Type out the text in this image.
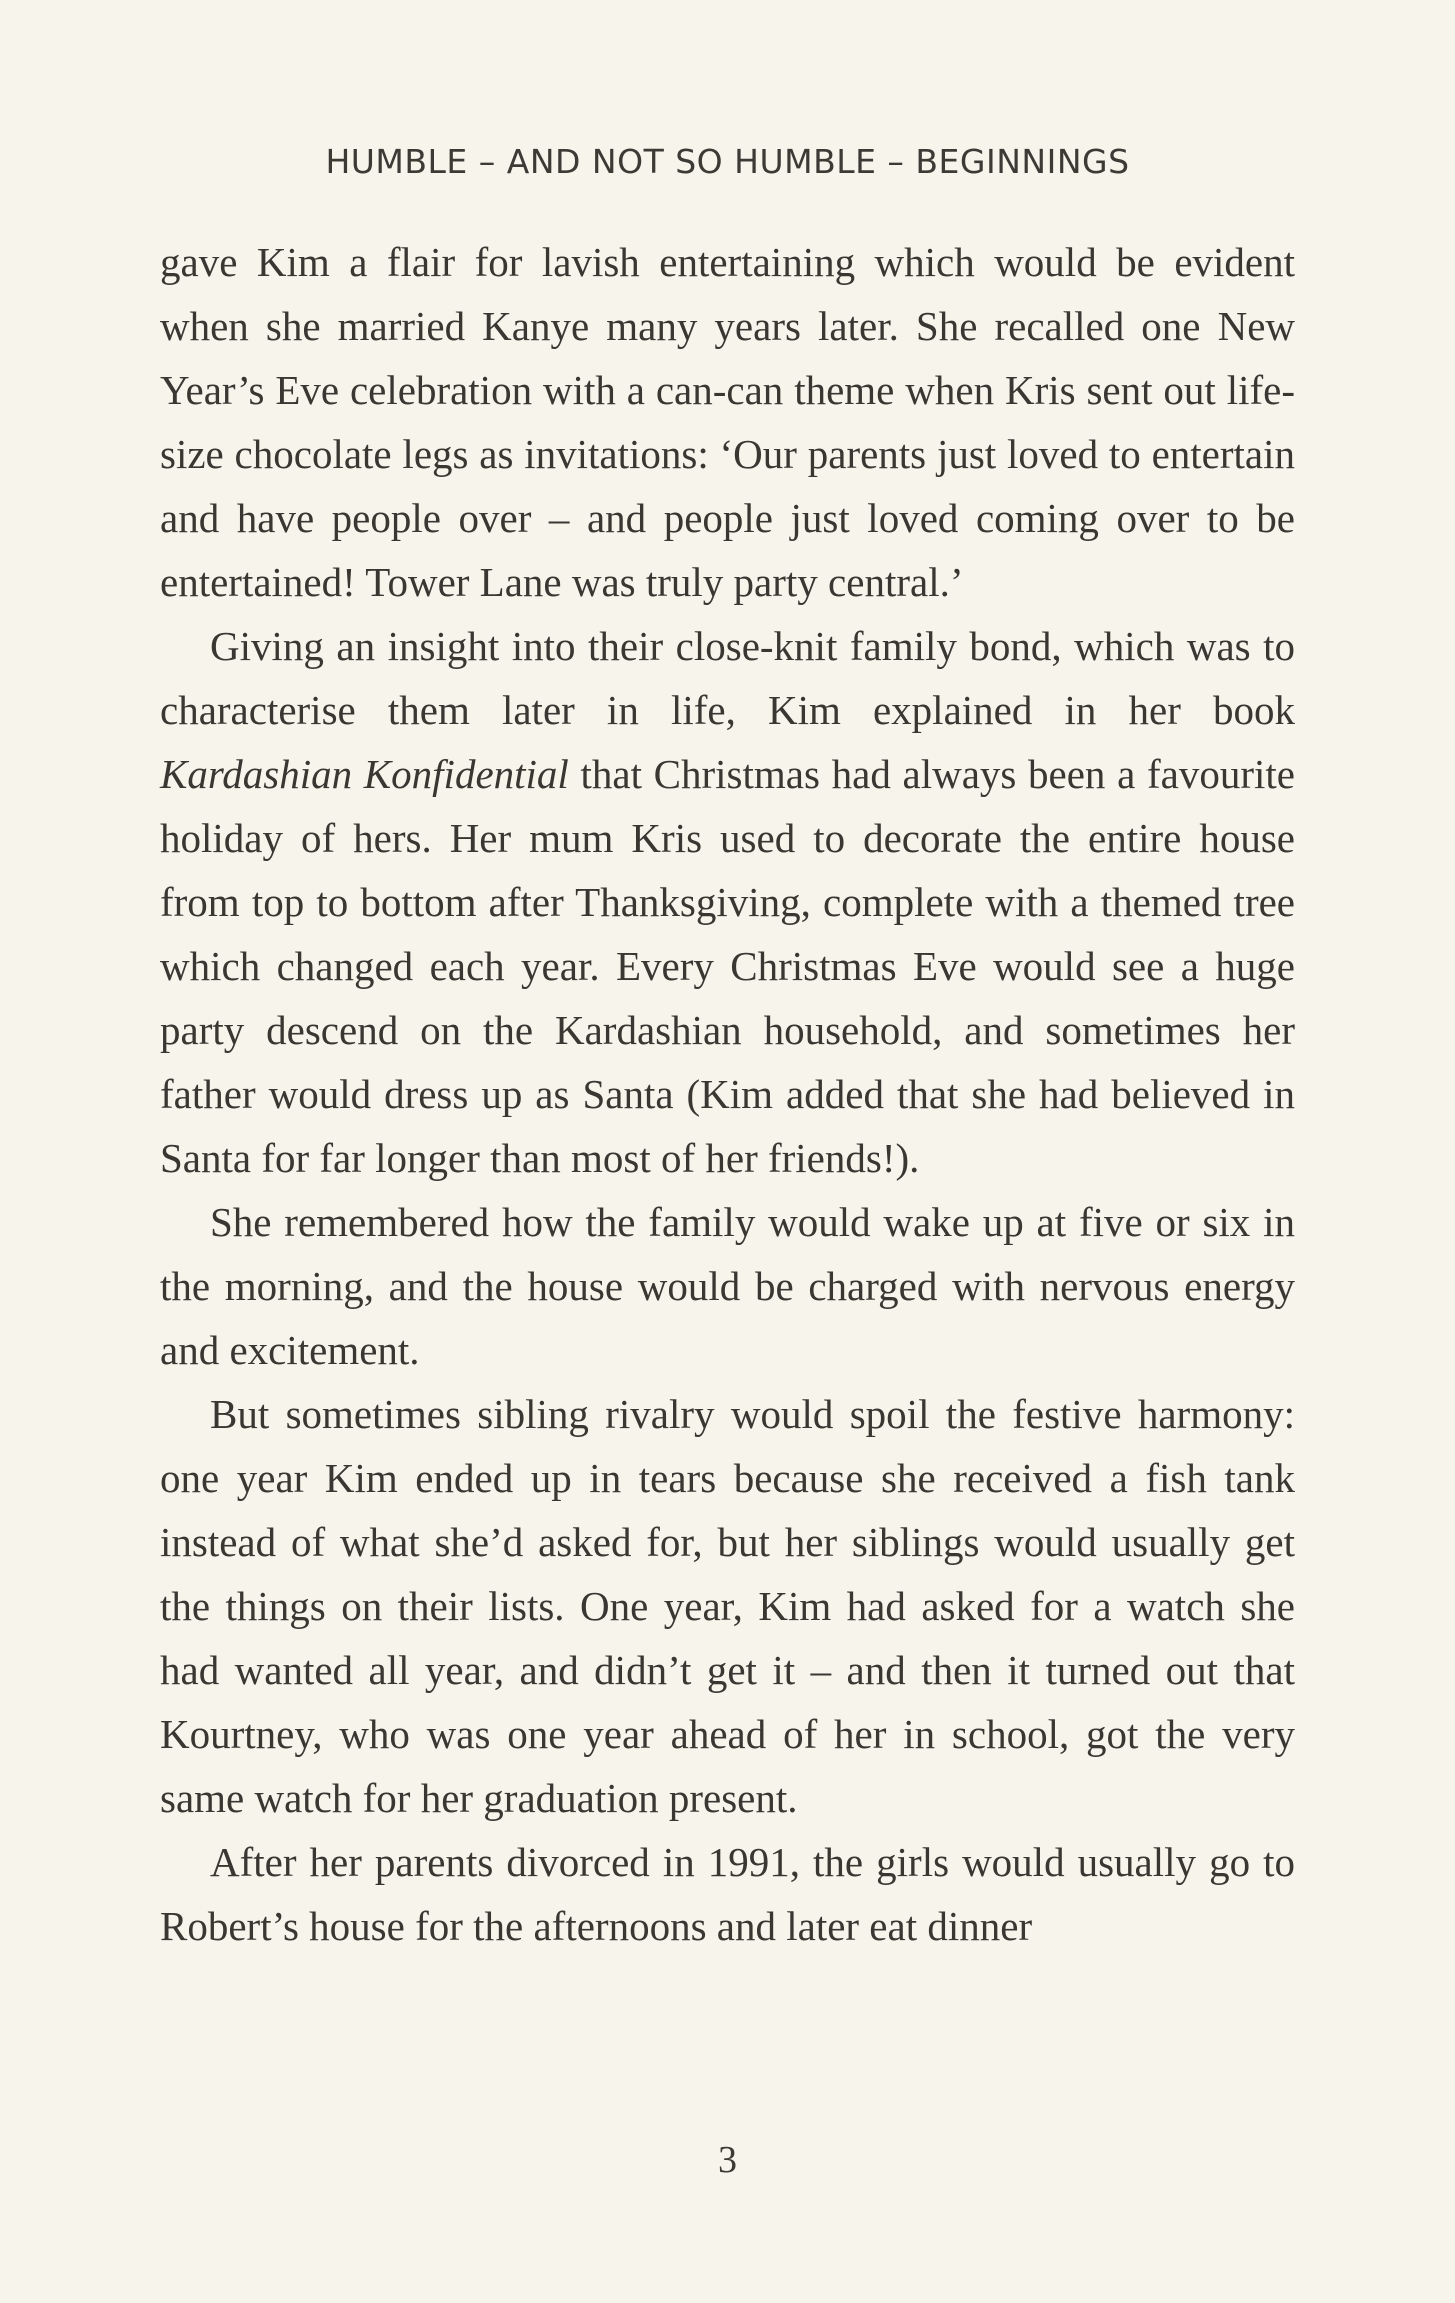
HUMBLE – AND NOT SO HUMBLE – BEGINNINGS

gave Kim a flair for lavish entertaining which would be evident when she married Kanye many years later. She recalled one New Year’s Eve celebration with a can-can theme when Kris sent out life-size chocolate legs as invitations: ‘Our parents just loved to entertain and have people over – and people just loved coming over to be entertained! Tower Lane was truly party central.’

Giving an insight into their close-knit family bond, which was to characterise them later in life, Kim explained in her book Kardashian Konfidential that Christmas had always been a favourite holiday of hers. Her mum Kris used to decorate the entire house from top to bottom after Thanksgiving, complete with a themed tree which changed each year. Every Christmas Eve would see a huge party descend on the Kardashian household, and sometimes her father would dress up as Santa (Kim added that she had believed in Santa for far longer than most of her friends!).

She remembered how the family would wake up at five or six in the morning, and the house would be charged with nervous energy and excitement.

But sometimes sibling rivalry would spoil the festive harmony: one year Kim ended up in tears because she received a fish tank instead of what she’d asked for, but her siblings would usually get the things on their lists. One year, Kim had asked for a watch she had wanted all year, and didn’t get it – and then it turned out that Kourtney, who was one year ahead of her in school, got the very same watch for her graduation present.

After her parents divorced in 1991, the girls would usually go to Robert’s house for the afternoons and later eat dinner

3
